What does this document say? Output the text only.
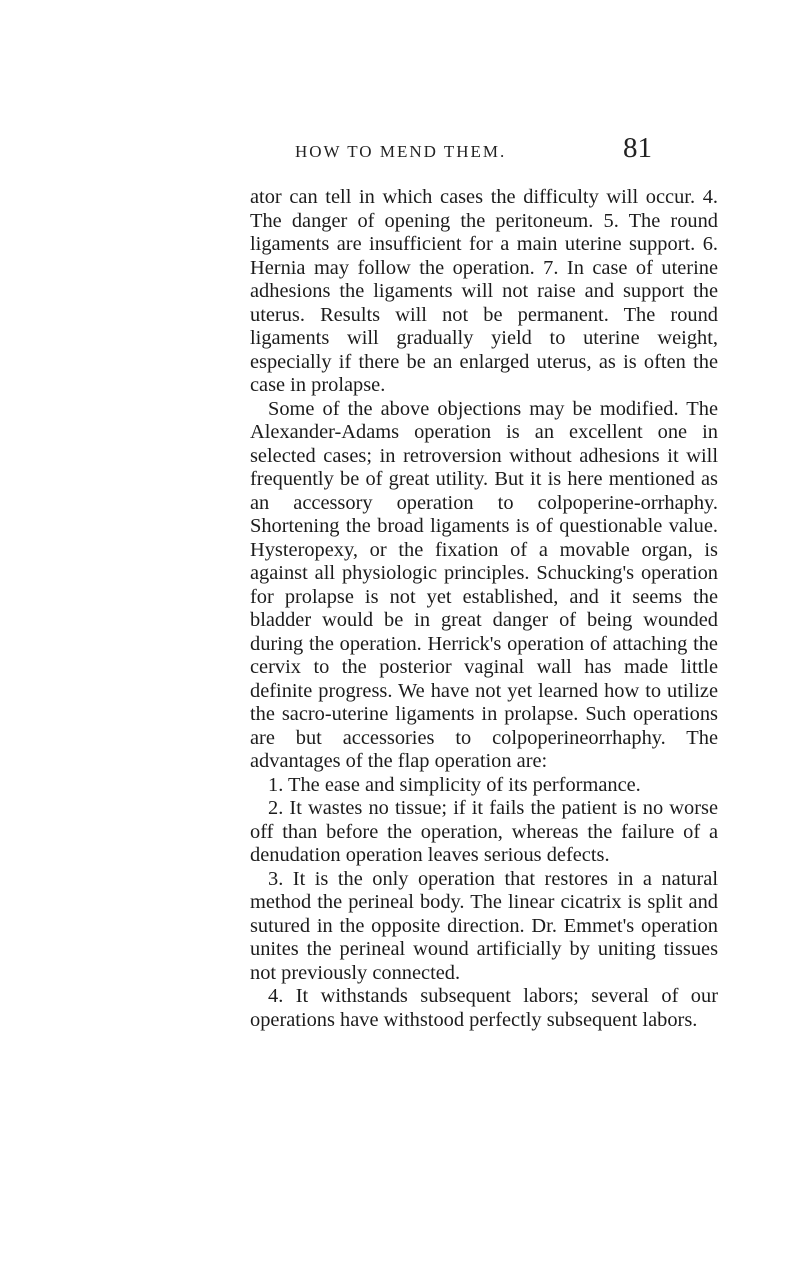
HOW TO MEND THEM.	81

ator can tell in which cases the difficulty will occur. 4. The danger of opening the peritoneum. 5. The round ligaments are insufficient for a main uterine support. 6. Hernia may follow the operation. 7. In case of uterine adhesions the ligaments will not raise and support the uterus. Results will not be permanent. The round ligaments will gradually yield to uterine weight, especially if there be an enlarged uterus, as is often the case in prolapse.

Some of the above objections may be modified. The Alexander-Adams operation is an excellent one in selected cases; in retroversion without adhesions it will frequently be of great utility. But it is here mentioned as an accessory operation to colpoperine-orrhaphy. Shortening the broad ligaments is of questionable value. Hysteropexy, or the fixation of a movable organ, is against all physiologic principles. Schucking's operation for prolapse is not yet established, and it seems the bladder would be in great danger of being wounded during the operation. Herrick's operation of attaching the cervix to the posterior vaginal wall has made little definite progress. We have not yet learned how to utilize the sacro-uterine ligaments in prolapse. Such operations are but accessories to colpoperineorrhaphy. The advantages of the flap operation are:

1. The ease and simplicity of its performance.

2. It wastes no tissue; if it fails the patient is no worse off than before the operation, whereas the failure of a denudation operation leaves serious defects.

3. It is the only operation that restores in a natural method the perineal body. The linear cicatrix is split and sutured in the opposite direction. Dr. Emmet's operation unites the perineal wound artificially by uniting tissues not previously connected.

4. It withstands subsequent labors; several of our operations have withstood perfectly subsequent labors.
